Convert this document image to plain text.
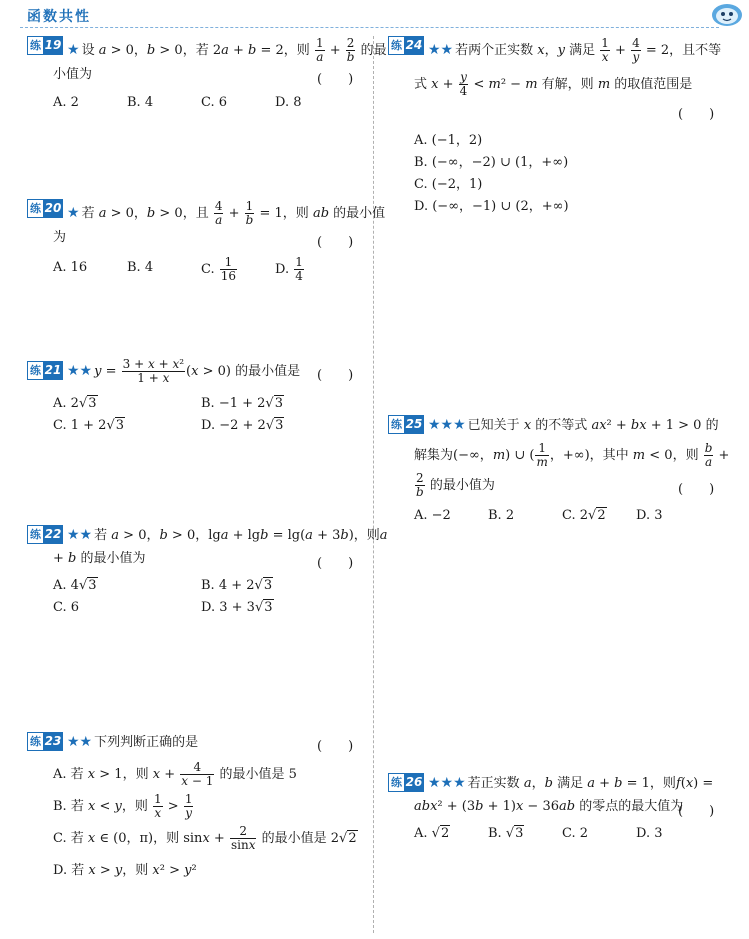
函数共性
练 19 ★ 设 a > 0，b > 0，若 2a + b = 2，则 $\frac{1}{a} + \frac{2}{b}$ 的最
小值为	(　　)
A. 2	B. 4	C. 6	D. 8
练 20 ★ 若 a > 0，b > 0，且 $\frac{4}{a} + \frac{1}{b} = 1$，则 ab 的最小值
为	(　　)
A. 16	B. 4	C. $\frac{1}{16}$	D. $\frac{1}{4}$
练 21 ★★ $y = \frac{\text{3 + x + x²}}{1 + x} (x > 0)$ 的最小值是 (　　)
A. 2√3	B. −1 + 2√3
C. 1 + 2√3	D. −2 + 2√3
练 22 ★★ 若 a > 0，b > 0，lga + lgb = lg(a + 3b)，则a
+ b 的最小值为	(　　)
A. 4√3	B. 4 + 2√3
C. 6	D. 3 + 3√3
练 23 ★★ 下列判断正确的是	(　　)
A. 若 x > 1，则 $x + \frac{4}{x - 1}$ 的最小值是 5
B. 若 x < y，则 $\frac{1}{x} > \frac{1}{y}$
C. 若 x ∈ (0，π)，则 $\sin x + \frac{2}{\sin x}$ 的最小值是 2√2
D. 若 x > y，则 x² > y²
练 24 ★★ 若两个正实数 x，y 满足 $\frac{1}{x} + \frac{4}{y} = 2$，且不等
式 $x + \frac{y}{4} < m^2 - m$ 有解，则 m 的取值范围是
(　　)
A. (−1，2)
B. (−∞，−2) ∪ (1，+∞)
C. (−2，1)
D. (−∞，−1) ∪ (2，+∞)
练 25 ★★★ 已知关于 x 的不等式 ax² + bx + 1 > 0 的
解集为(−∞，m) ∪ ( $\frac{1}{m}$ ，+∞)，其中 m < 0，则 $\frac{b}{a}$ +
$\frac{2}{b}$ 的最小值为	(　　)
A. −2	B. 2	C. 2√2 D. 3
练 26 ★★★ 若正实数 a，b 满足 a + b = 1，则f(x) =
abx² + (3b + 1)x − 36ab 的零点的最大值为
(　　)
A. √2	B. √3	C. 2	D. 3
